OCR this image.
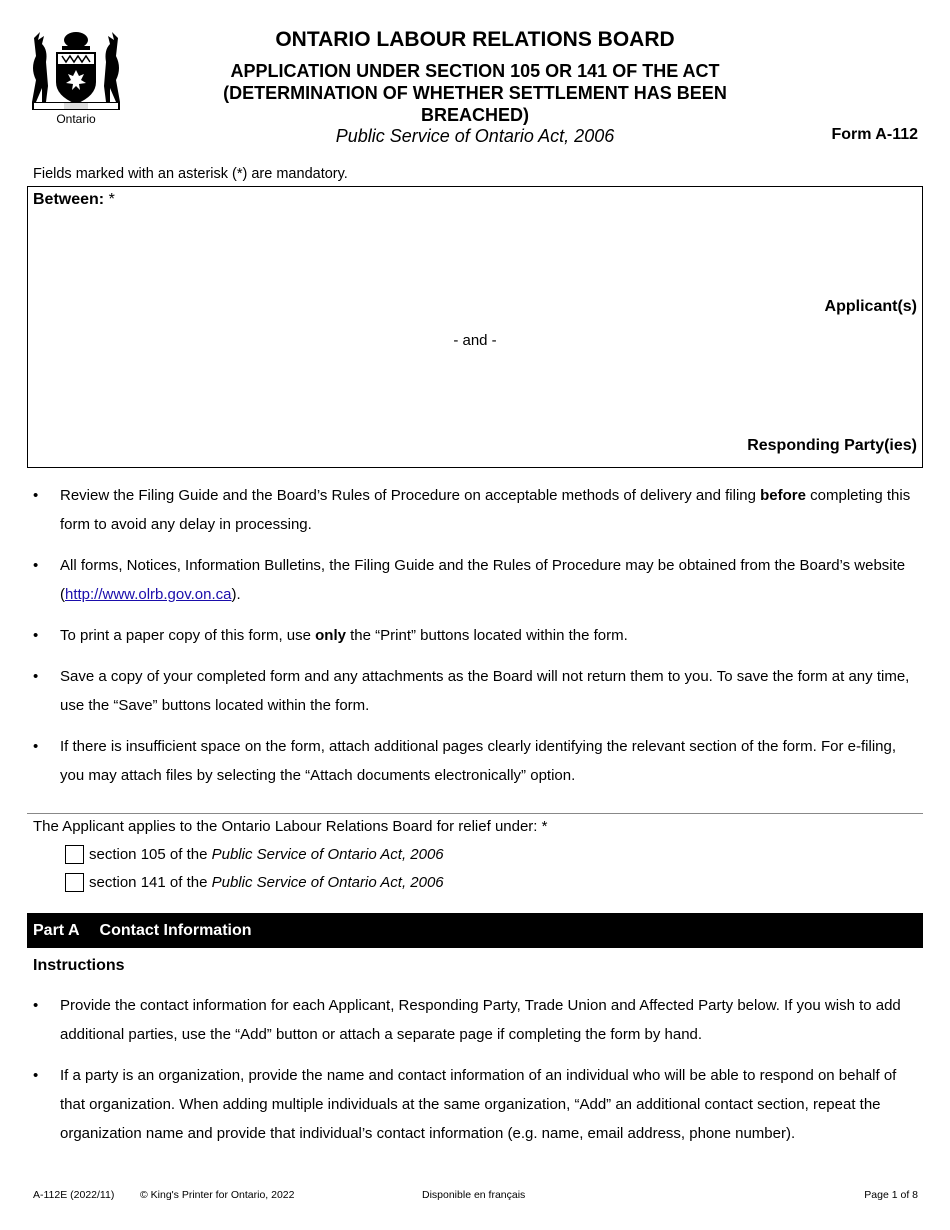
Ontario
ONTARIO LABOUR RELATIONS BOARD
APPLICATION UNDER SECTION 105 OR 141 OF THE ACT
(DETERMINATION OF WHETHER SETTLEMENT HAS BEEN
BREACHED)
Public Service of Ontario Act, 2006	Form A-112
Fields marked with an asterisk (*) are mandatory.
Between: *
Applicant(s)
- and -
Responding Party(ies)
• Review the Filing Guide and the Board’s Rules of Procedure on acceptable methods of delivery and filing before completing this form to avoid any delay in processing.
• All forms, Notices, Information Bulletins, the Filing Guide and the Rules of Procedure may be obtained from the Board’s website (http://www.olrb.gov.on.ca).
• To print a paper copy of this form, use only the “Print” buttons located within the form.
• Save a copy of your completed form and any attachments as the Board will not return them to you. To save the form at any time, use the “Save” buttons located within the form.
• If there is insufficient space on the form, attach additional pages clearly identifying the relevant section of the form. For e-filing, you may attach files by selecting the “Attach documents electronically” option.
The Applicant applies to the Ontario Labour Relations Board for relief under: *
section 105 of the
Public Service of Ontario Act, 2006
section 141 of the
Public Service of Ontario Act, 2006
Part A Contact Information
Instructions
• Provide the contact information for each Applicant, Responding Party, Trade Union and Affected Party below. If you wish to add additional parties, use the “Add” button or attach a separate page if completing the form by hand.
• If a party is an organization, provide the name and contact information of an individual who will be able to respond on behalf of that organization. When adding multiple individuals at the same organization, “Add” an additional contact section, repeat the organization name and provide that individual’s contact information (e.g. name, email address, phone number).
A-112E (2022/11) © King's Printer for Ontario, 2022	Disponible en français	Page 1 of 8
